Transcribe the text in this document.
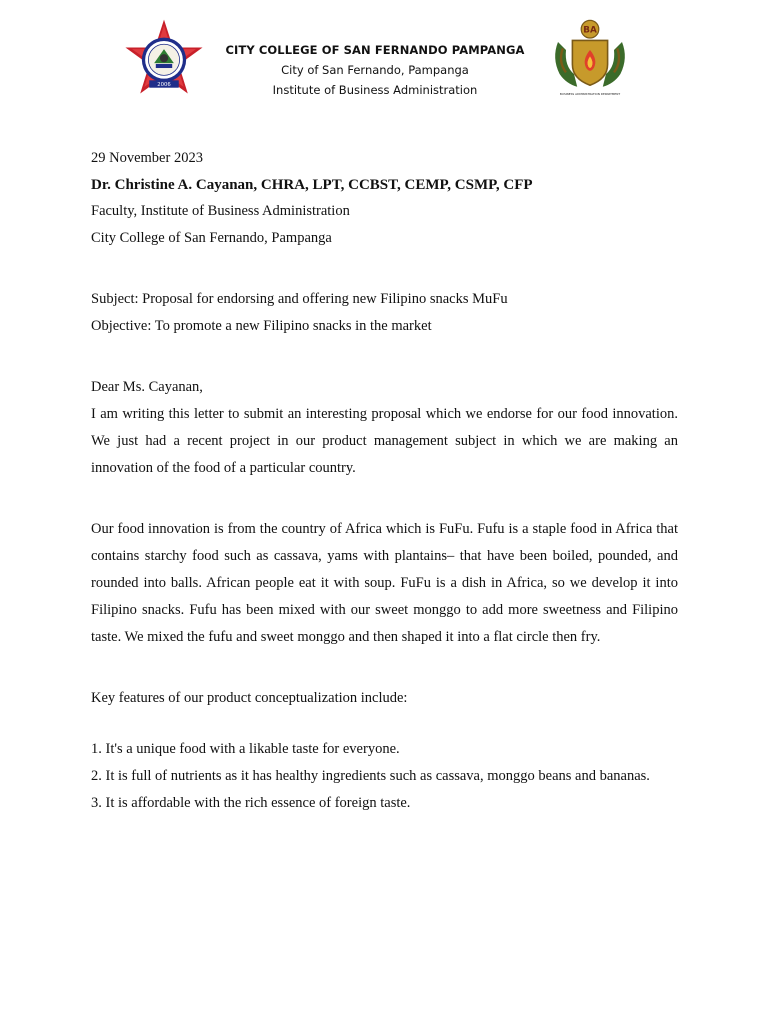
2006
BA
BUSINESS ADMINISTRATION DEPARTMENT
CITY COLLEGE OF SAN FERNANDO PAMPANGA
City of San Fernando, Pampanga
Institute of Business Administration

29 November 2023

Dr. Christine A. Cayanan, CHRA, LPT, CCBST, CEMP, CSMP, CFP

Faculty, Institute of Business Administration

City College of San Fernando, Pampanga

Subject: Proposal for endorsing and offering new Filipino snacks MuFu

Objective: To promote a new Filipino snacks in the market

Dear Ms. Cayanan,

I am writing this letter to submit an interesting proposal which we endorse for our food innovation. We just had a recent project in our product management subject in which we are making an innovation of the food of a particular country.

Our food innovation is from the country of Africa which is FuFu. Fufu is a staple food in Africa that contains starchy food such as cassava, yams with plantains– that have been boiled, pounded, and rounded into balls. African people eat it with soup. FuFu is a dish in Africa, so we develop it into Filipino snacks. Fufu has been mixed with our sweet monggo to add more sweetness and Filipino taste. We mixed the fufu and sweet monggo and then shaped it into a flat circle then fry.

Key features of our product conceptualization include:

1. It's a unique food with a likable taste for everyone.
2. It is full of nutrients as it has healthy ingredients such as cassava, monggo beans and bananas.
3. It is affordable with the rich essence of foreign taste.
